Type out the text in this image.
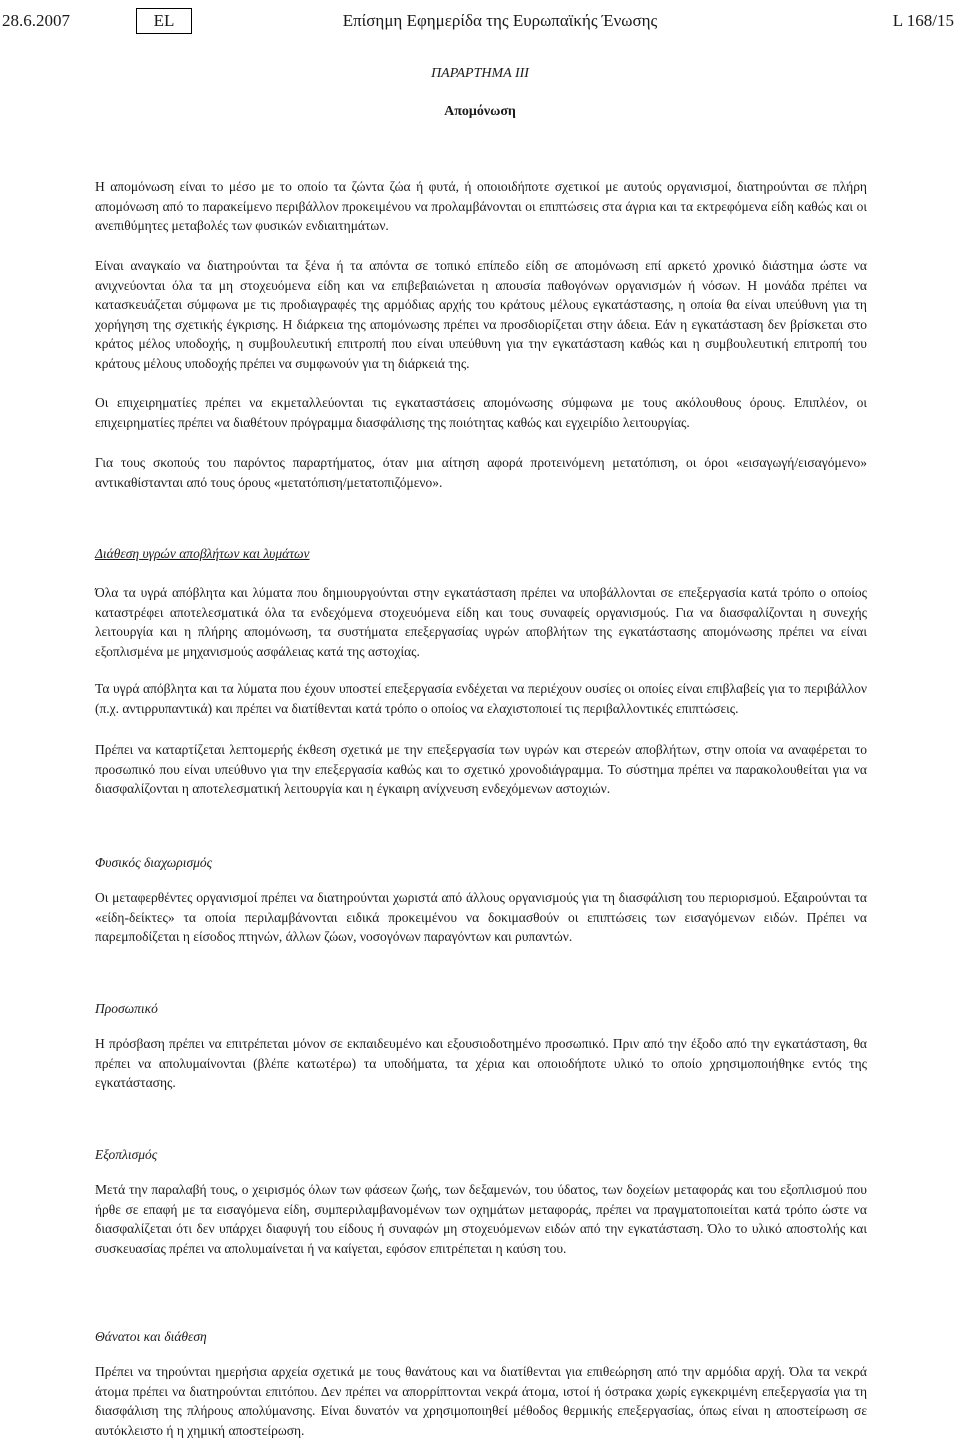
28.6.2007	EL	Επίσημη Εφημερίδα της Ευρωπαϊκής Ένωσης	L 168/15
ΠΑΡΑΡΤΗΜΑ III
Απομόνωση

Η απομόνωση είναι το μέσο με το οποίο τα ζώντα ζώα ή φυτά, ή οποιοιδήποτε σχετικοί με αυτούς οργανισμοί, διατηρούνται σε πλήρη απομόνωση από το παρακείμενο περιβάλλον προκειμένου να προλαμβάνονται οι επιπτώσεις στα άγρια και τα εκτρεφόμενα είδη καθώς και οι ανεπιθύμητες μεταβολές των φυσικών ενδιαιτημάτων.

Είναι αναγκαίο να διατηρούνται τα ξένα ή τα απόντα σε τοπικό επίπεδο είδη σε απομόνωση επί αρκετό χρονικό διάστημα ώστε να ανιχνεύονται όλα τα μη στοχευόμενα είδη και να επιβεβαιώνεται η απουσία παθογόνων οργανισμών ή νόσων. Η μονάδα πρέπει να κατασκευάζεται σύμφωνα με τις προδιαγραφές της αρμόδιας αρχής του κράτους μέλους εγκατάστασης, η οποία θα είναι υπεύθυνη για τη χορήγηση της σχετικής έγκρισης. Η διάρκεια της απομόνωσης πρέπει να προσδιορίζεται στην άδεια. Εάν η εγκατάσταση δεν βρίσκεται στο κράτος μέλος υποδοχής, η συμβουλευτική επιτροπή που είναι υπεύθυνη για την εγκατάσταση καθώς και η συμβουλευτική επιτροπή του κράτους μέλους υποδοχής πρέπει να συμφωνούν για τη διάρκειά της.

Οι επιχειρηματίες πρέπει να εκμεταλλεύονται τις εγκαταστάσεις απομόνωσης σύμφωνα με τους ακόλουθους όρους. Επιπλέον, οι επιχειρηματίες πρέπει να διαθέτουν πρόγραμμα διασφάλισης της ποιότητας καθώς και εγχειρίδιο λειτουργίας.

Για τους σκοπούς του παρόντος παραρτήματος, όταν μια αίτηση αφορά προτεινόμενη μετατόπιση, οι όροι «εισαγωγή/εισαγόμενο» αντικαθίστανται από τους όρους «μετατόπιση/μετατοπιζόμενο».

Διάθεση υγρών αποβλήτων και λυμάτων

Όλα τα υγρά απόβλητα και λύματα που δημιουργούνται στην εγκατάσταση πρέπει να υποβάλλονται σε επεξεργασία κατά τρόπο ο οποίος καταστρέφει αποτελεσματικά όλα τα ενδεχόμενα στοχευόμενα είδη και τους συναφείς οργανισμούς. Για να διασφαλίζονται η συνεχής λειτουργία και η πλήρης απομόνωση, τα συστήματα επεξεργασίας υγρών αποβλήτων της εγκατάστασης απομόνωσης πρέπει να είναι εξοπλισμένα με μηχανισμούς ασφάλειας κατά της αστοχίας.

Τα υγρά απόβλητα και τα λύματα που έχουν υποστεί επεξεργασία ενδέχεται να περιέχουν ουσίες οι οποίες είναι επιβλαβείς για το περιβάλλον (π.χ. αντιρρυπαντικά) και πρέπει να διατίθενται κατά τρόπο ο οποίος να ελαχιστοποιεί τις περιβαλλοντικές επιπτώσεις.

Πρέπει να καταρτίζεται λεπτομερής έκθεση σχετικά με την επεξεργασία των υγρών και στερεών αποβλήτων, στην οποία να αναφέρεται το προσωπικό που είναι υπεύθυνο για την επεξεργασία καθώς και το σχετικό χρονοδιάγραμμα. Το σύστημα πρέπει να παρακολουθείται για να διασφαλίζονται η αποτελεσματική λειτουργία και η έγκαιρη ανίχνευση ενδεχόμενων αστοχιών.

Φυσικός διαχωρισμός

Οι μεταφερθέντες οργανισμοί πρέπει να διατηρούνται χωριστά από άλλους οργανισμούς για τη διασφάλιση του περιορισμού. Εξαιρούνται τα «είδη-δείκτες» τα οποία περιλαμβάνονται ειδικά προκειμένου να δοκιμασθούν οι επιπτώσεις των εισαγόμενων ειδών. Πρέπει να παρεμποδίζεται η είσοδος πτηνών, άλλων ζώων, νοσογόνων παραγόντων και ρυπαντών.

Προσωπικό

Η πρόσβαση πρέπει να επιτρέπεται μόνον σε εκπαιδευμένο και εξουσιοδοτημένο προσωπικό. Πριν από την έξοδο από την εγκατάσταση, θα πρέπει να απολυμαίνονται (βλέπε κατωτέρω) τα υποδήματα, τα χέρια και οποιοδήποτε υλικό το οποίο χρησιμοποιήθηκε εντός της εγκατάστασης.

Εξοπλισμός

Μετά την παραλαβή τους, ο χειρισμός όλων των φάσεων ζωής, των δεξαμενών, του ύδατος, των δοχείων μεταφοράς και του εξοπλισμού που ήρθε σε επαφή με τα εισαγόμενα είδη, συμπεριλαμβανομένων των οχημάτων μεταφοράς, πρέπει να πραγματοποιείται κατά τρόπο ώστε να διασφαλίζεται ότι δεν υπάρχει διαφυγή του είδους ή συναφών μη στοχευόμενων ειδών από την εγκατάσταση. Όλο το υλικό αποστολής και συσκευασίας πρέπει να απολυμαίνεται ή να καίγεται, εφόσον επιτρέπεται η καύση του.

Θάνατοι και διάθεση

Πρέπει να τηρούνται ημερήσια αρχεία σχετικά με τους θανάτους και να διατίθενται για επιθεώρηση από την αρμόδια αρχή. Όλα τα νεκρά άτομα πρέπει να διατηρούνται επιτόπου. Δεν πρέπει να απορρίπτονται νεκρά άτομα, ιστοί ή όστρακα χωρίς εγκεκριμένη επεξεργασία για τη διασφάλιση της πλήρους απολύμανσης. Είναι δυνατόν να χρησιμοποιηθεί μέθοδος θερμικής επεξεργασίας, όπως είναι η αποστείρωση σε αυτόκλειστο ή η χημική αποστείρωση.
